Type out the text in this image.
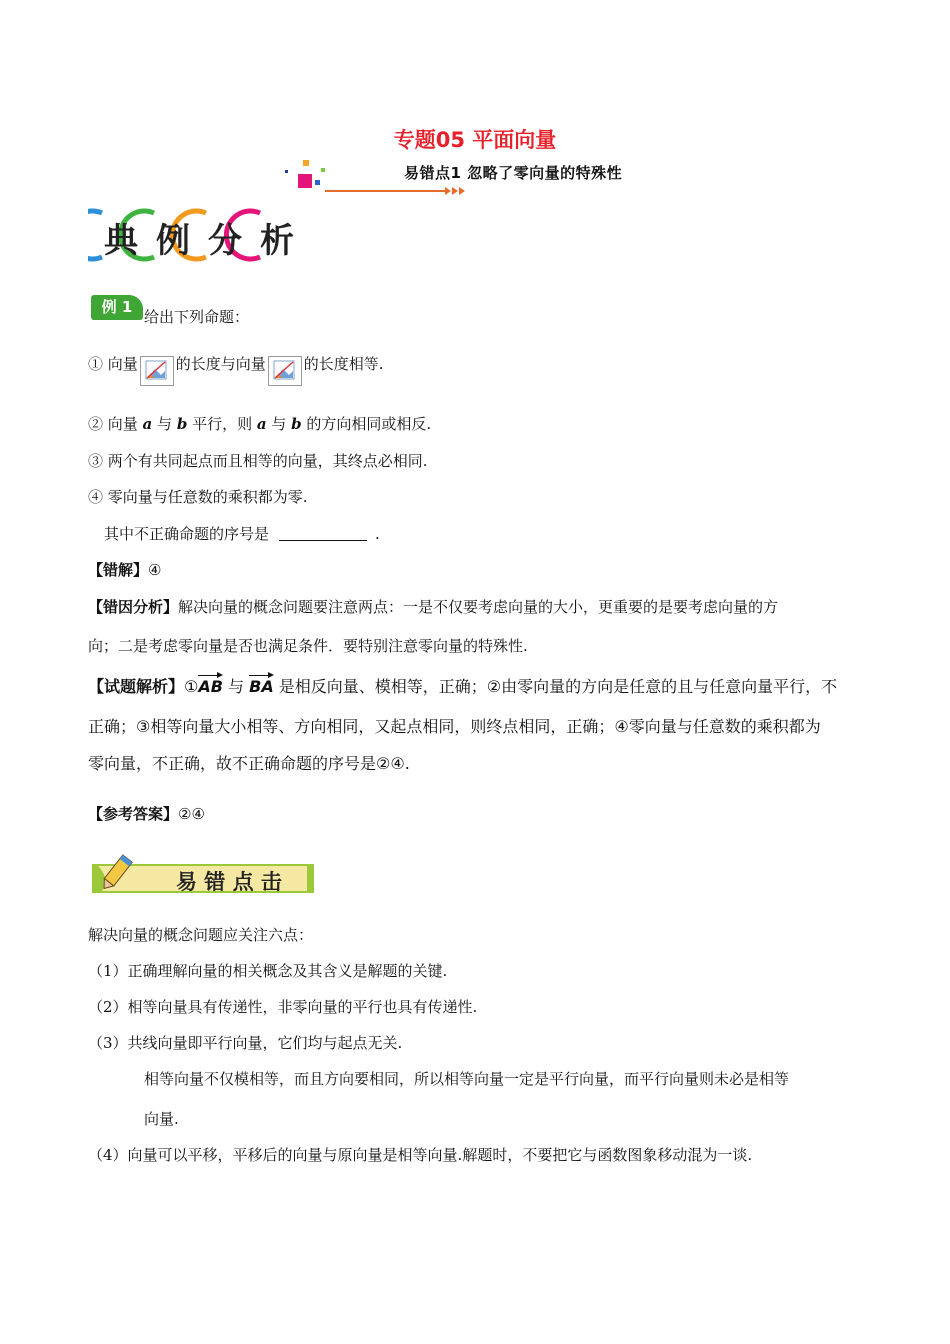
专题05 平面向量
易错点1 忽略了零向量的特殊性
典 例 分 析
例 1
给出下列命题：
① 向量	的长度与向量	的长度相等.
② 向量 a 与 b 平行，则 a 与 b 的方向相同或相反.
③ 两个有共同起点而且相等的向量，其终点必相同.
④ 零向量与任意数的乘积都为零.
其中不正确命题的序号是	.
【错解】④
【错因分析】解决向量的概念问题要注意两点：一是不仅要考虑向量的大小，更重要的是要考虑向量的方
向；二是考虑零向量是否也满足条件．要特别注意零向量的特殊性.
【试题解析】①AB 与 BA 是相反向量、模相等，正确；②由零向量的方向是任意的且与任意向量平行，不
正确；③相等向量大小相等、方向相同，又起点相同，则终点相同，正确；④零向量与任意数的乘积都为
零向量，不正确，故不正确命题的序号是②④.
【参考答案】②④
易 错 点 击
解决向量的概念问题应关注六点：
（1）正确理解向量的相关概念及其含义是解题的关键.
（2）相等向量具有传递性，非零向量的平行也具有传递性.
（3）共线向量即平行向量，它们均与起点无关.
相等向量不仅模相等，而且方向要相同，所以相等向量一定是平行向量，而平行向量则未必是相等
向量.
（4）向量可以平移，平移后的向量与原向量是相等向量.解题时，不要把它与函数图象移动混为一谈.
